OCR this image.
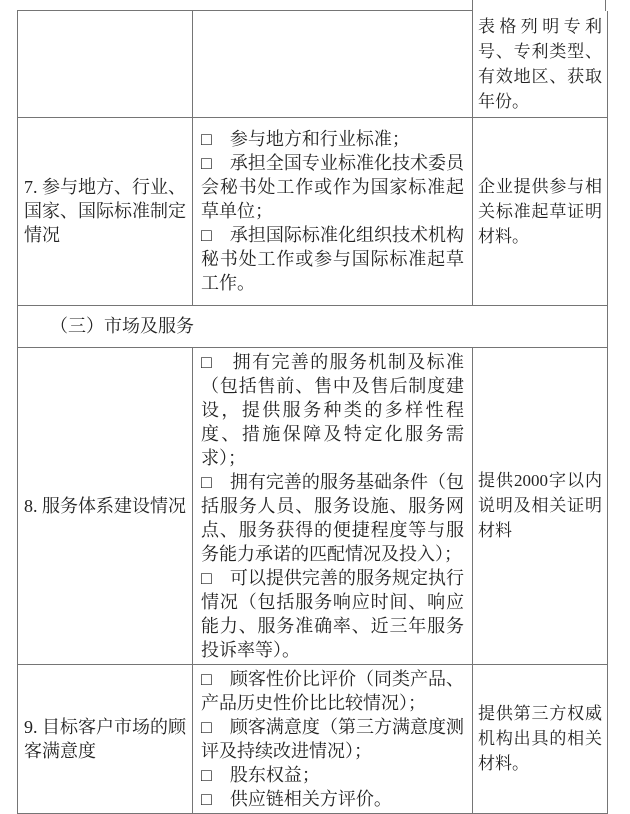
		表格列明专利号、专利类型、有效地区、获取年份。
7. 参与地方、行业、国家、国际标准制定情况	□　参与地方和行业标准；
□　承担全国专业标准化技术委员会秘书处工作或作为国家标准起草单位；
□　承担国际标准化组织技术机构秘书处工作或参与国际标准起草工作。	企业提供参与相关标准起草证明材料。
（三）市场及服务		
8. 服务体系建设情况	□　拥有完善的服务机制及标准（包括售前、售中及售后制度建设，提供服务种类的多样性程度、措施保障及特定化服务需求）；
□　拥有完善的服务基础条件（包括服务人员、服务设施、服务网点、服务获得的便捷程度等与服务能力承诺的匹配情况及投入）；
□　可以提供完善的服务规定执行情况（包括服务响应时间、响应能力、服务准确率、近三年服务投诉率等）。	提供2000字以内说明及相关证明材料
9. 目标客户市场的顾客满意度	□　顾客性价比评价（同类产品、产品历史性价比比较情况）；
□　顾客满意度（第三方满意度测评及持续改进情况）；
□　股东权益；
□　供应链相关方评价。	提供第三方权威机构出具的相关材料。
